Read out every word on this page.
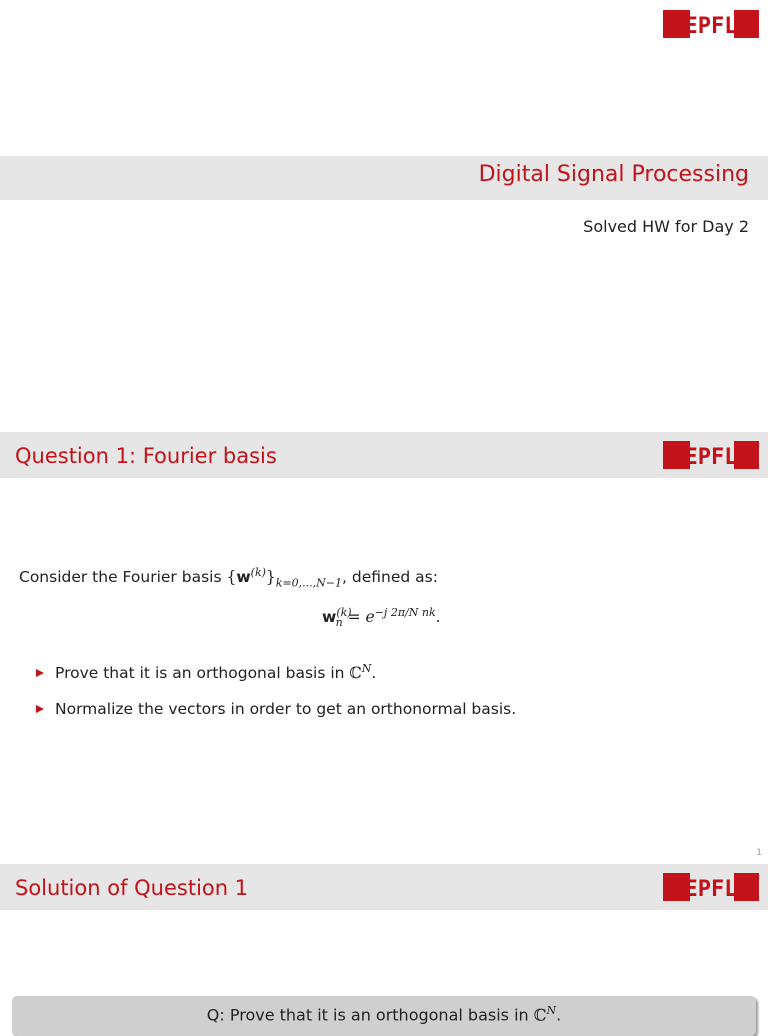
EPFL
Digital Signal Processing
Solved HW for Day 2
Question 1: Fourier basis	EPFL
Consider the Fourier basis $\{w^{(k)}\}_{k=0,...,N-1}$, defined as:
$w^{(k)}_n = e^{-j 2\pi/N nk}$.
Prove that it is an orthogonal basis in ℂ$^N$.
Normalize the vectors in order to get an orthonormal basis.
1
Solution of Question 1	EPFL
Q: Prove that it is an orthogonal basis in ℂ$^N$.
